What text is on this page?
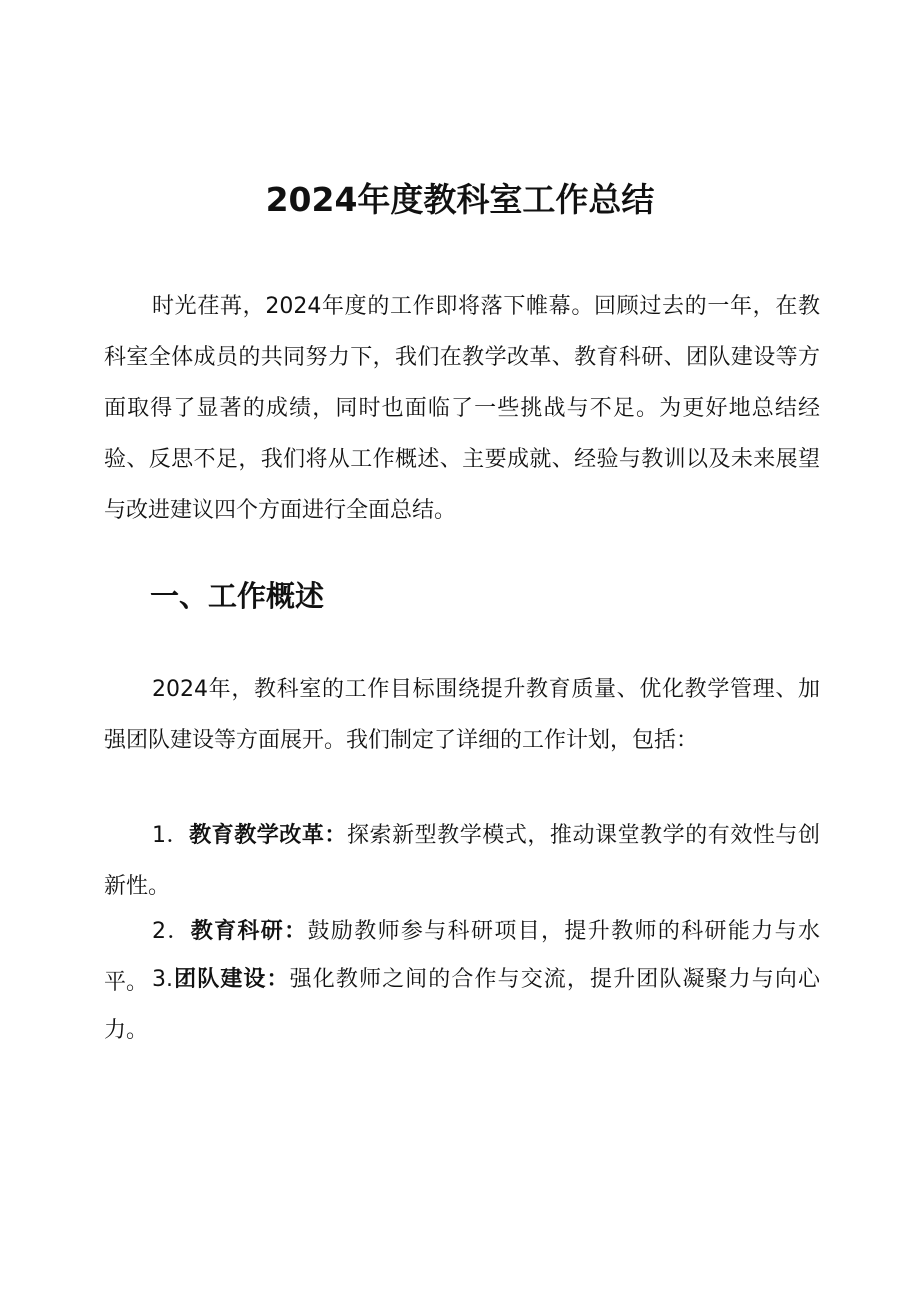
2024年度教科室工作总结

时光荏苒，2024年度的工作即将落下帷幕。回顾过去的一年，在教科室全体成员的共同努力下，我们在教学改革、教育科研、团队建设等方面取得了显著的成绩，同时也面临了一些挑战与不足。为更好地总结经验、反思不足，我们将从工作概述、主要成就、经验与教训以及未来展望与改进建议四个方面进行全面总结。

一、工作概述

2024年，教科室的工作目标围绕提升教育质量、优化教学管理、加强团队建设等方面展开。我们制定了详细的工作计划，包括：

1．教育教学改革：探索新型教学模式，推动课堂教学的有效性与创新性。

2．教育科研：鼓励教师参与科研项目，提升教师的科研能力与水平。 3.团队建设：强化教师之间的合作与交流，提升团队凝聚力与向心力。
